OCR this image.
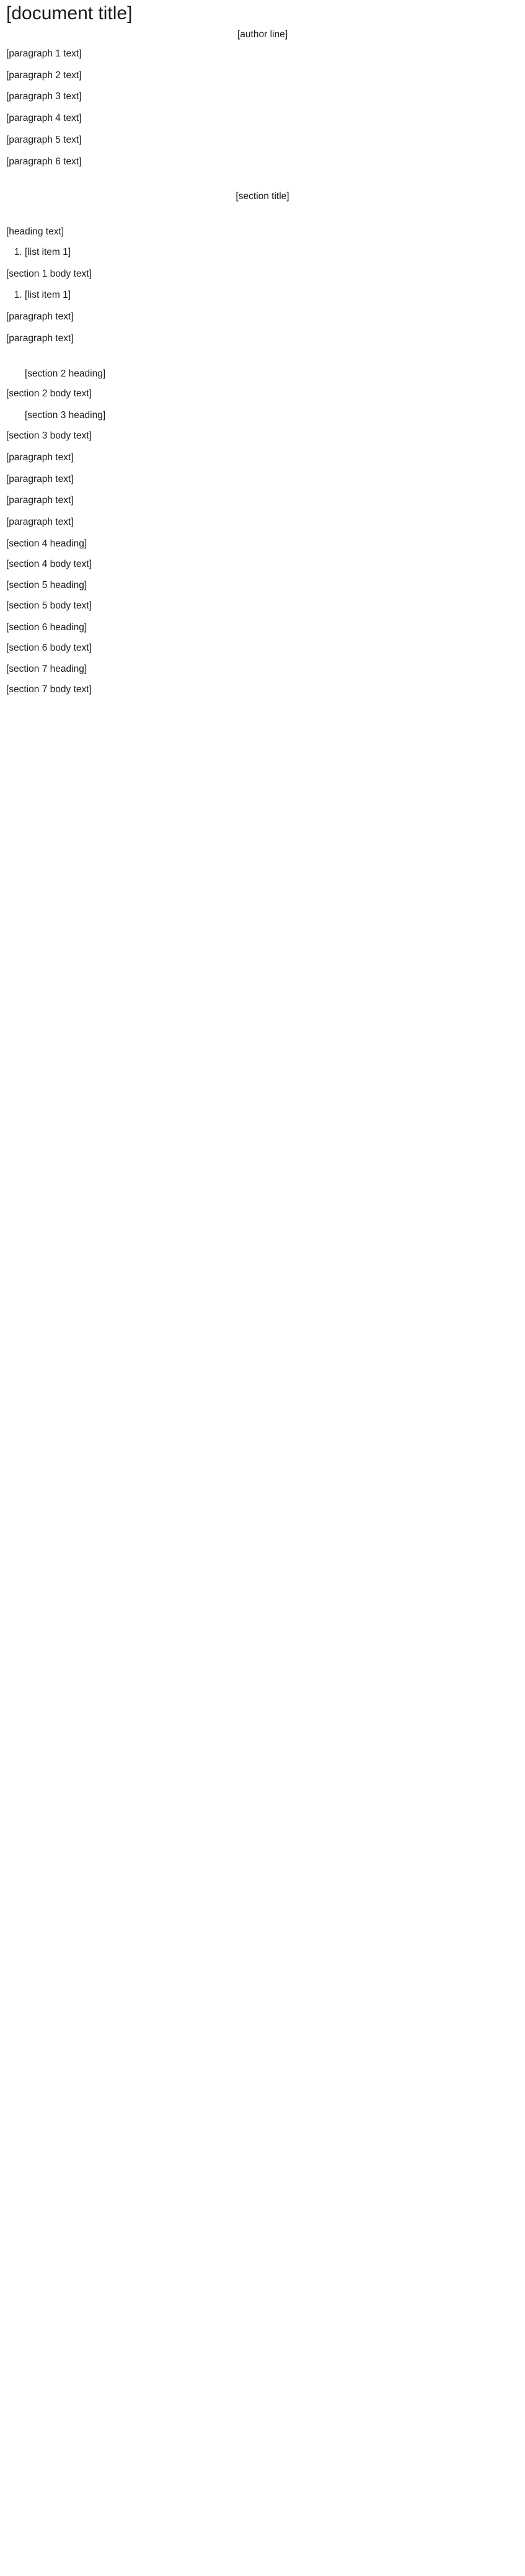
[document title]

[author line]

[paragraph 1 text]

[paragraph 2 text]

[paragraph 3 text]

[paragraph 4 text]

[paragraph 5 text]

[paragraph 6 text]

[section title]

[heading text]

1. [list item 1]

[section 1 body text]

1. [list item 1]

[paragraph text]

[paragraph text]

[section 2 heading]

[section 2 body text]

[section 3 heading]

[section 3 body text]

[paragraph text]

[paragraph text]

[paragraph text]

[paragraph text]

[section 4 heading]

[section 4 body text]

[section 5 heading]

[section 5 body text]

[section 6 heading]

[section 6 body text]

[section 7 heading]

[section 7 body text]
